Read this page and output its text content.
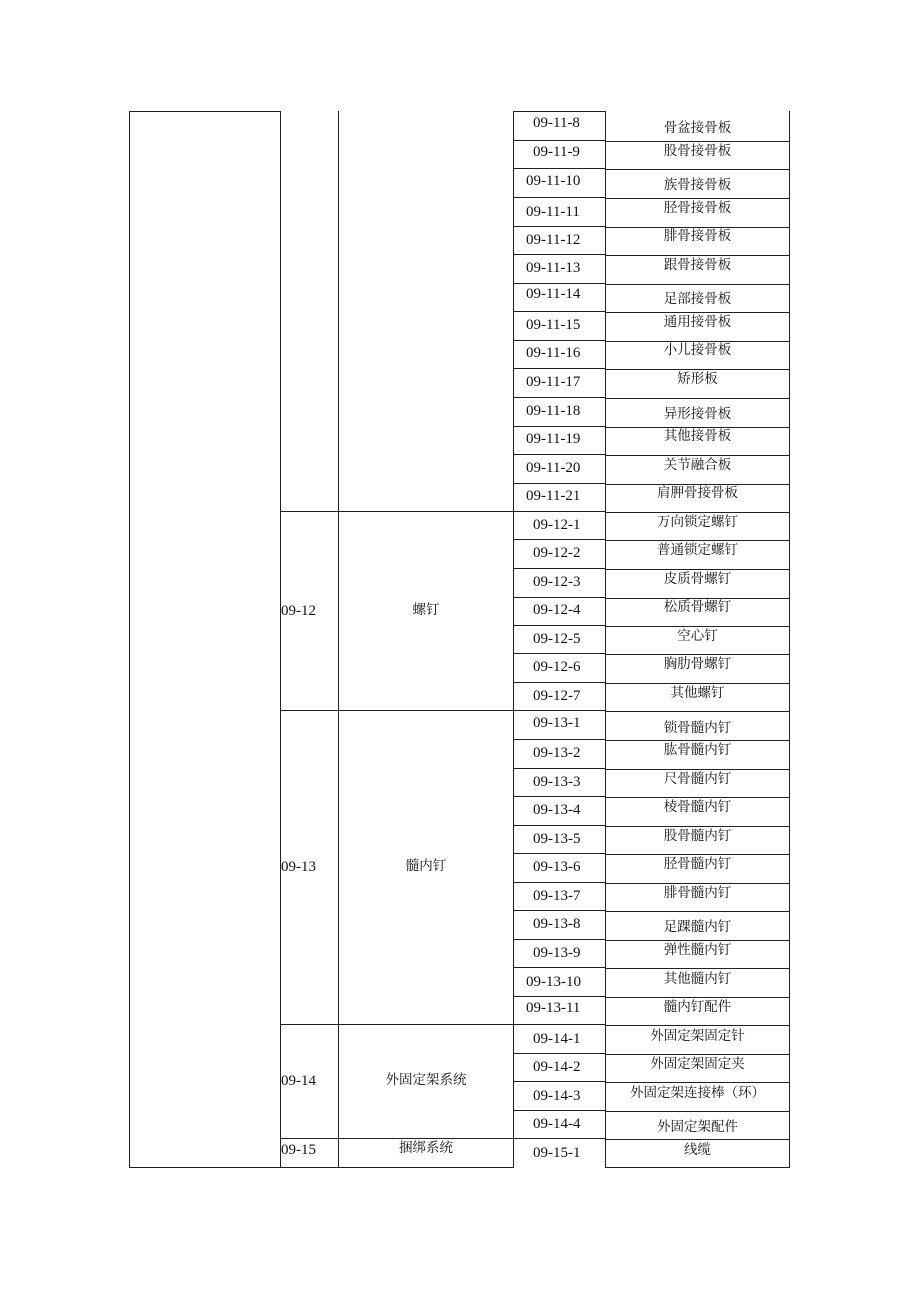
09-12	螺钉
09-13	髓内钉
09-14	外固定架系统
09-15	捆绑系统
09-11-8	骨盆接骨板
09-11-9	股骨接骨板
09-11-10	族骨接骨板
09-11-11	胫骨接骨板
09-11-12	腓骨接骨板
09-11-13	跟骨接骨板
09-11-14	足部接骨板
09-11-15	通用接骨板
09-11-16	小儿接骨板
09-11-17	矫形板
09-11-18	异形接骨板
09-11-19	其他接骨板
09-11-20	关节融合板
09-11-21	肩胛骨接骨板
09-12-1	万向锁定螺钉
09-12-2	普通锁定螺钉
09-12-3	皮质骨螺钉
09-12-4	松质骨螺钉
09-12-5	空心钉
09-12-6	胸肋骨螺钉
09-12-7	其他螺钉
09-13-1	锁骨髓内钉
09-13-2	肱骨髓内钉
09-13-3	尺骨髓内钉
09-13-4	棱骨髓内钉
09-13-5	股骨髓内钉
09-13-6	胫骨髓内钉
09-13-7	腓骨髓内钉
09-13-8	足踝髓内钉
09-13-9	弹性髓内钉
09-13-10	其他髓内钉
09-13-11	髓内钉配件
09-14-1	外固定架固定针
09-14-2	外固定架固定夹
09-14-3	外固定架连接棒（环）
09-14-4	外固定架配件
09-15-1	线缆
